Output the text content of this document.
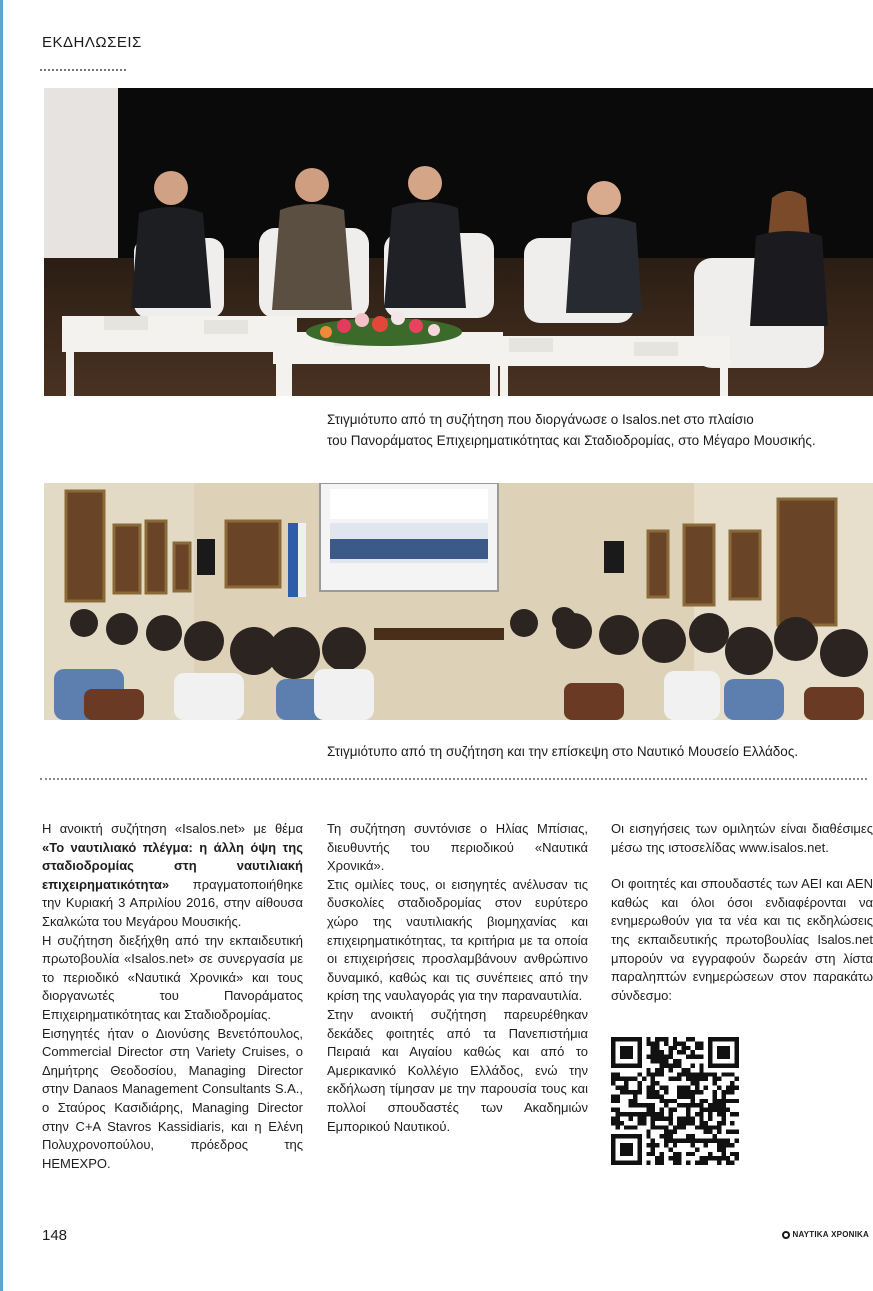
ΕΚΔΗΛΩΣΕΙΣ
Στιγμιότυπο από τη συζήτηση που διοργάνωσε ο Isalos.net στο πλαίσιο
του Πανοράματος Επιχειρηματικότητας και Σταδιοδρομίας, στο Μέγαρο Μουσικής.
Στιγμιότυπο από τη συζήτηση και την επίσκεψη στο Ναυτικό Μουσείο Ελλάδος.

Η ανοικτή συζήτηση «Isalos.net» με θέμα «Το ναυτιλιακό πλέγμα: η άλλη όψη της σταδιοδρομίας στη ναυτιλιακή επιχειρηματικότητα» πραγματοποιήθηκε την Κυριακή 3 Απριλίου 2016, στην αίθουσα Σκαλκώτα του Μεγάρου Μουσικής.

Η συζήτηση διεξήχθη από την εκπαιδευτική πρωτοβουλία «Isalos.net» σε συνεργασία με το περιοδικό «Ναυτικά Χρονικά» και τους διοργανωτές του Πανοράματος Επιχειρηματικότητας και Σταδιοδρομίας.

Εισηγητές ήταν ο Διονύσης Βενετόπουλος, Commercial Director στη Variety Cruises, ο Δημήτρης Θεοδοσίου, Managing Director στην Danaos Management Consultants S.A., ο Σταύρος Κασιδιάρης, Managing Director στην C+A Stavros Kassidiaris, και η Ελένη Πολυχρονοπούλου, πρόεδρος της HEMEXPO.

Τη συζήτηση συντόνισε ο Ηλίας Μπίσιας, διευθυντής του περιοδικού «Ναυτικά Χρονικά».

Στις ομιλίες τους, οι εισηγητές ανέλυσαν τις δυσκολίες σταδιοδρομίας στον ευρύτερο χώρο της ναυτιλιακής βιομηχανίας και επιχειρηματικότητας, τα κριτήρια με τα οποία οι επιχειρήσεις προσλαμβάνουν ανθρώπινο δυναμικό, καθώς και τις συνέπειες από την κρίση της ναυλαγοράς για την παραναυτιλία.

Στην ανοικτή συζήτηση παρευρέθηκαν δεκάδες φοιτητές από τα Πανεπιστήμια Πειραιά και Αιγαίου καθώς και από το Αμερικανικό Κολλέγιο Ελλάδος, ενώ την εκδήλωση τίμησαν με την παρουσία τους και πολλοί σπουδαστές των Ακαδημιών Εμπορικού Ναυτικού.

Οι εισηγήσεις των ομιλητών είναι διαθέσιμες μέσω της ιστοσελίδας www.isalos.net.

Οι φοιτητές και σπουδαστές των ΑΕΙ και ΑΕΝ καθώς και όλοι όσοι ενδιαφέρονται να ενημερωθούν για τα νέα και τις εκδηλώσεις της εκπαιδευτικής πρωτοβουλίας Isalos.net μπορούν να εγγραφούν δωρεάν στη λίστα παραληπτών ενημερώσεων στον παρακάτω σύνδεσμο:

148	ΝΑΥΤΙΚΑ ΧΡΟΝΙΚΑ
